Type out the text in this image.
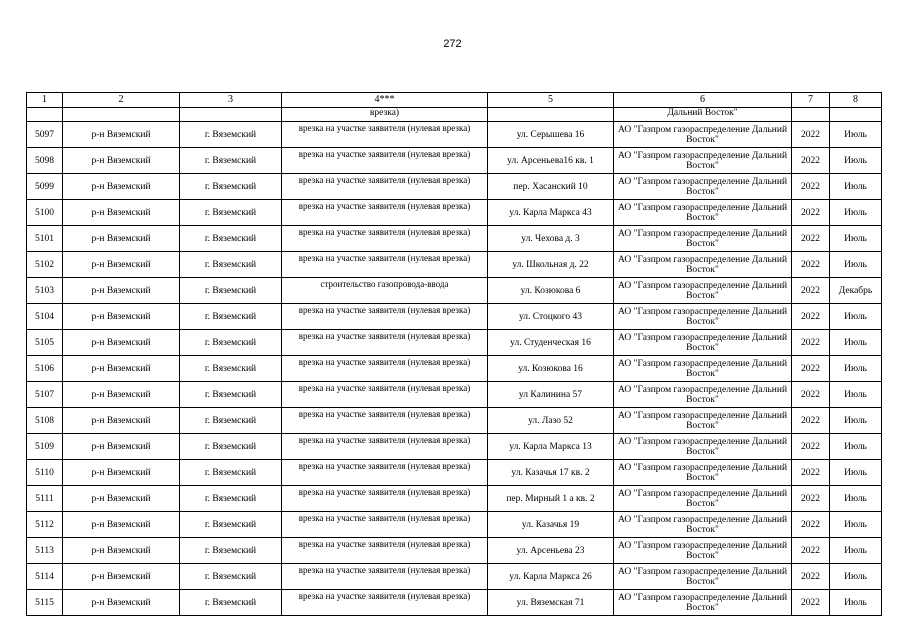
272
1	2	3	4***	5	6	7	8
			врезка)		Дальний Восток"		
5097	р-н Вяземский	г. Вяземский	врезка на участке заявителя (нулевая врезка)	ул. Серышева 16	АО "Газпром газораспределение Дальний Восток"	2022	Июль
5098	р-н Вяземский	г. Вяземский	врезка на участке заявителя (нулевая врезка)	ул. Арсеньева16 кв. 1	АО "Газпром газораспределение Дальний Восток"	2022	Июль
5099	р-н Вяземский	г. Вяземский	врезка на участке заявителя (нулевая врезка)	пер. Хасанский 10	АО "Газпром газораспределение Дальний Восток"	2022	Июль
5100	р-н Вяземский	г. Вяземский	врезка на участке заявителя (нулевая врезка)	ул. Карла Маркса 43	АО "Газпром газораспределение Дальний Восток"	2022	Июль
5101	р-н Вяземский	г. Вяземский	врезка на участке заявителя (нулевая врезка)	ул. Чехова д. 3	АО "Газпром газораспределение Дальний Восток"	2022	Июль
5102	р-н Вяземский	г. Вяземский	врезка на участке заявителя (нулевая врезка)	ул. Школьная д. 22	АО "Газпром газораспределение Дальний Восток"	2022	Июль
5103	р-н Вяземский	г. Вяземский	строительство газопровода-ввода	ул. Козюкова 6	АО "Газпром газораспределение Дальний Восток"	2022	Декабрь
5104	р-н Вяземский	г. Вяземский	врезка на участке заявителя (нулевая врезка)	ул. Стоцкого 43	АО "Газпром газораспределение Дальний Восток"	2022	Июль
5105	р-н Вяземский	г. Вяземский	врезка на участке заявителя (нулевая врезка)	ул. Студенческая 16	АО "Газпром газораспределение Дальний Восток"	2022	Июль
5106	р-н Вяземский	г. Вяземский	врезка на участке заявителя (нулевая врезка)	ул. Козюкова 16	АО "Газпром газораспределение Дальний Восток"	2022	Июль
5107	р-н Вяземский	г. Вяземский	врезка на участке заявителя (нулевая врезка)	ул Калинина 57	АО "Газпром газораспределение Дальний Восток"	2022	Июль
5108	р-н Вяземский	г. Вяземский	врезка на участке заявителя (нулевая врезка)	ул. Лазо 52	АО "Газпром газораспределение Дальний Восток"	2022	Июль
5109	р-н Вяземский	г. Вяземский	врезка на участке заявителя (нулевая врезка)	ул. Карла Маркса 13	АО "Газпром газораспределение Дальний Восток"	2022	Июль
5110	р-н Вяземский	г. Вяземский	врезка на участке заявителя (нулевая врезка)	ул. Казачья 17 кв. 2	АО "Газпром газораспределение Дальний Восток"	2022	Июль
5111	р-н Вяземский	г. Вяземский	врезка на участке заявителя (нулевая врезка)	пер. Мирный 1 а кв. 2	АО "Газпром газораспределение Дальний Восток"	2022	Июль
5112	р-н Вяземский	г. Вяземский	врезка на участке заявителя (нулевая врезка)	ул. Казачья 19	АО "Газпром газораспределение Дальний Восток"	2022	Июль
5113	р-н Вяземский	г. Вяземский	врезка на участке заявителя (нулевая врезка)	ул. Арсеньева 23	АО "Газпром газораспределение Дальний Восток"	2022	Июль
5114	р-н Вяземский	г. Вяземский	врезка на участке заявителя (нулевая врезка)	ул. Карла Маркса 26	АО "Газпром газораспределение Дальний Восток"	2022	Июль
5115	р-н Вяземский	г. Вяземский	врезка на участке заявителя (нулевая врезка)	ул. Вяземская 71	АО "Газпром газораспределение Дальний Восток"	2022	Июль
